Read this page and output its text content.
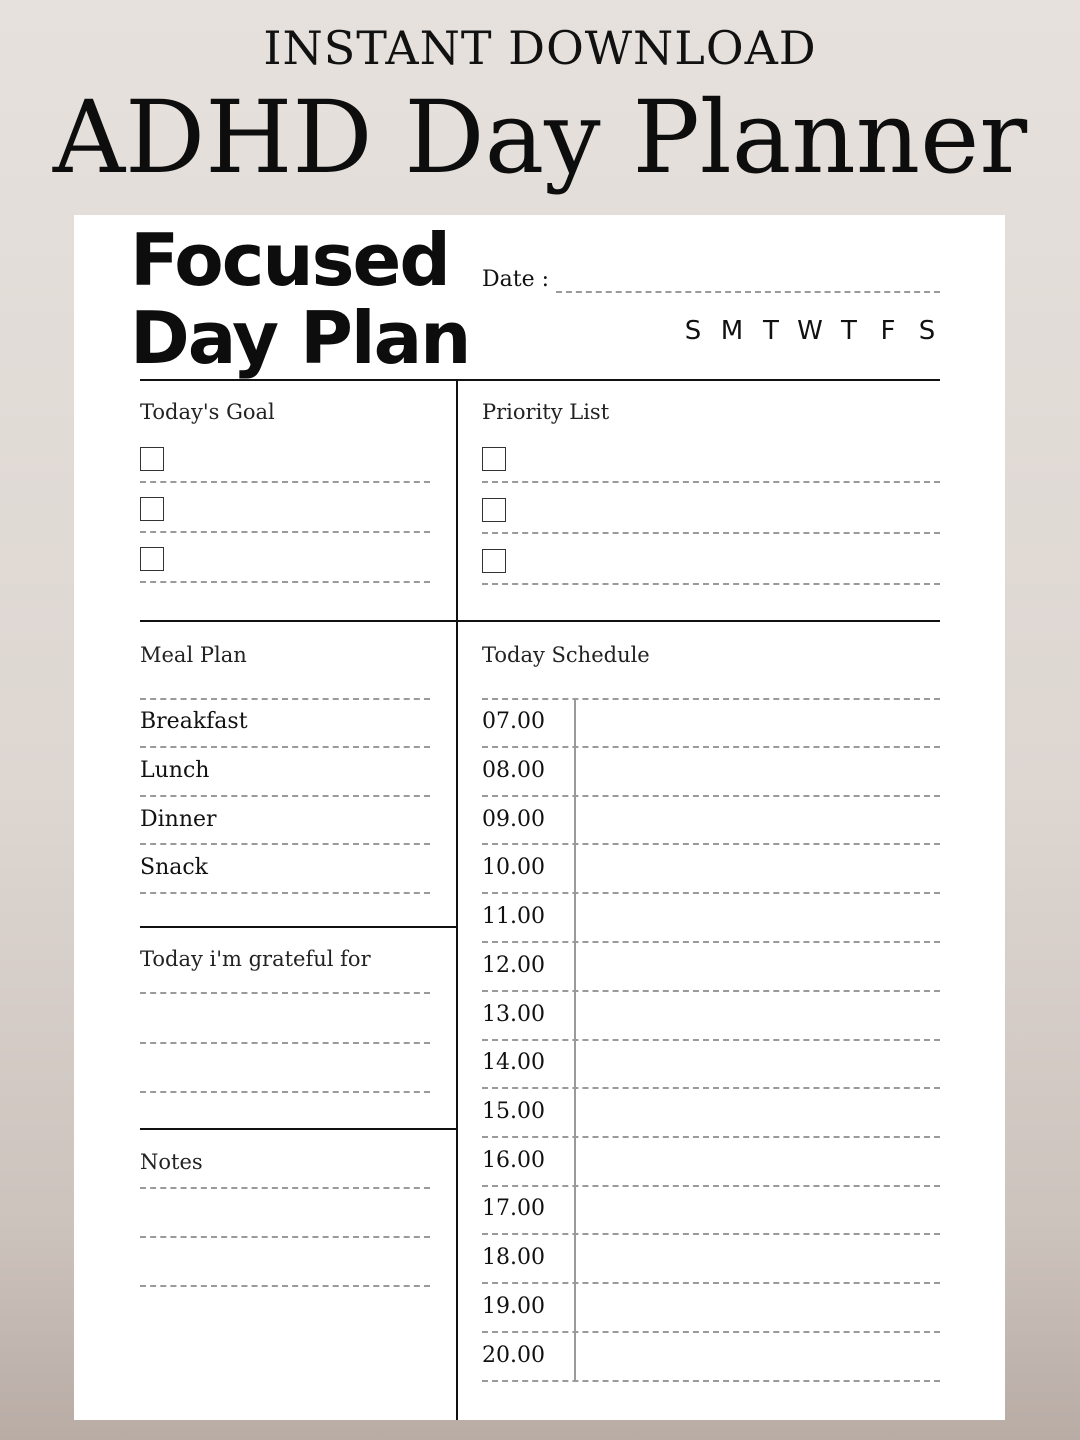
INSTANT DOWNLOAD
ADHD Day Planner
Focused
Day Plan
Date :
S M T W T F S
Today's Goal	Priority List
Meal Plan
Breakfast
Lunch
Dinner
Snack
Today i'm grateful for
Notes
Today Schedule
07.00
08.00
09.00
10.00
11.00
12.00
13.00
14.00
15.00
16.00
17.00
18.00
19.00
20.00
